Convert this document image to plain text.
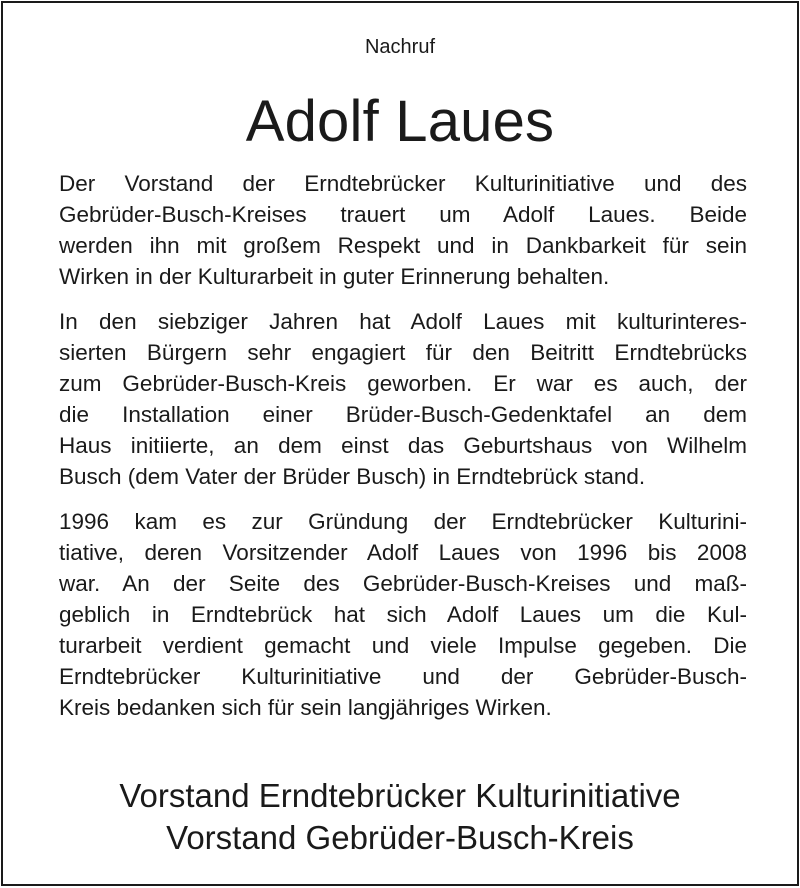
Nachruf
Adolf Laues

Der Vorstand der Erndtebrücker Kulturinitiative und des
Gebrüder-Busch-Kreises trauert um Adolf Laues. Beide
werden ihn mit großem Respekt und in Dankbarkeit für sein
Wirken in der Kulturarbeit in guter Erinnerung behalten.

In den siebziger Jahren hat Adolf Laues mit kulturinteres-
sierten Bürgern sehr engagiert für den Beitritt Erndtebrücks
zum Gebrüder-Busch-Kreis geworben. Er war es auch, der
die Installation einer Brüder-Busch-Gedenktafel an dem
Haus initiierte, an dem einst das Geburtshaus von Wilhelm
Busch (dem Vater der Brüder Busch) in Erndtebrück stand.

1996 kam es zur Gründung der Erndtebrücker Kulturini-
tiative, deren Vorsitzender Adolf Laues von 1996 bis 2008
war. An der Seite des Gebrüder-Busch-Kreises und maß-
geblich in Erndtebrück hat sich Adolf Laues um die Kul-
turarbeit verdient gemacht und viele Impulse gegeben. Die
Erndtebrücker Kulturinitiative und der Gebrüder-Busch-
Kreis bedanken sich für sein langjähriges Wirken.

Vorstand Erndtebrücker Kulturinitiative
Vorstand Gebrüder-Busch-Kreis
